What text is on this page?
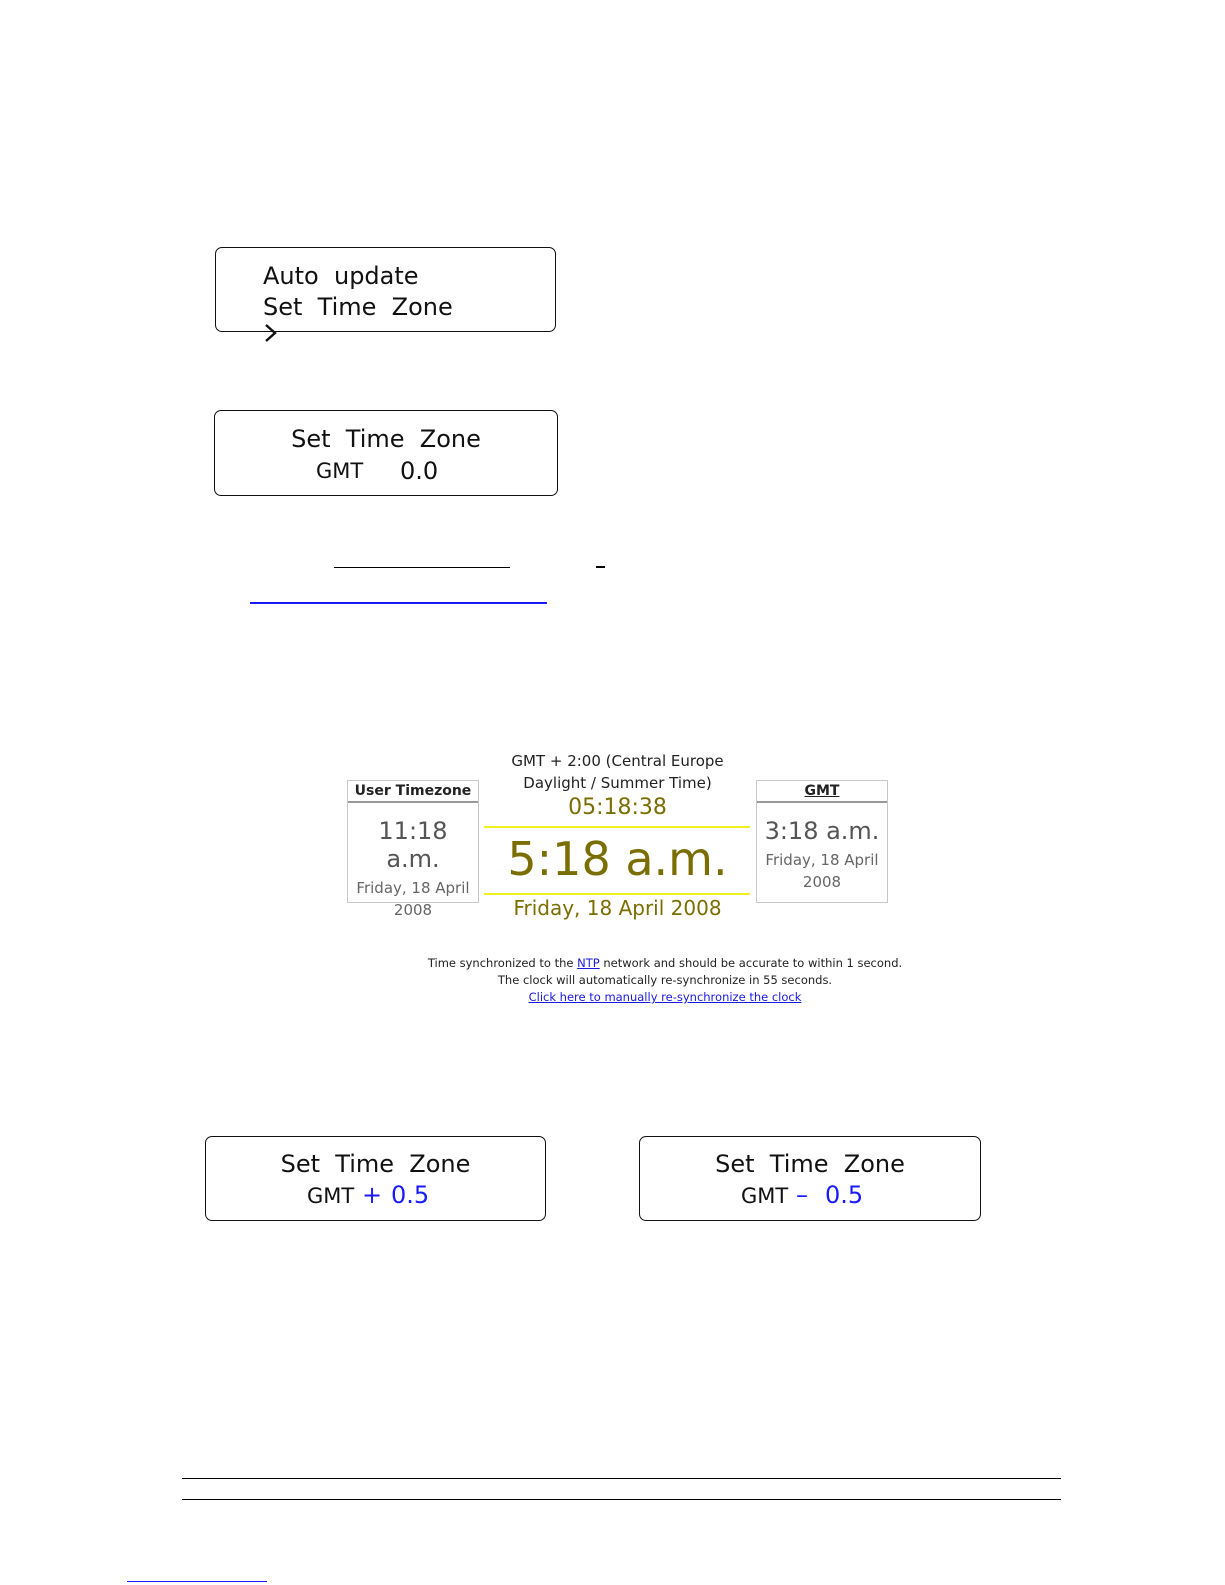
Auto  update

Set  Time  Zone
Set  Time  Zone
GMT 0.0
User Timezone
11:18 a.m.
Friday, 18 April
2008
GMT + 2:00 (Central Europe
Daylight / Summer Time)
05:18:38
5:18 a.m.
Friday, 18 April 2008
GMT
3:18 a.m.
Friday, 18 April
2008
Time synchronized to the NTP network and should be accurate to within 1 second.
The clock will automatically re-synchronize in 55 seconds.
Click here to manually re-synchronize the clock
Set  Time  Zone
GMT + 0.5
Set  Time  Zone
GMT – 0.5
